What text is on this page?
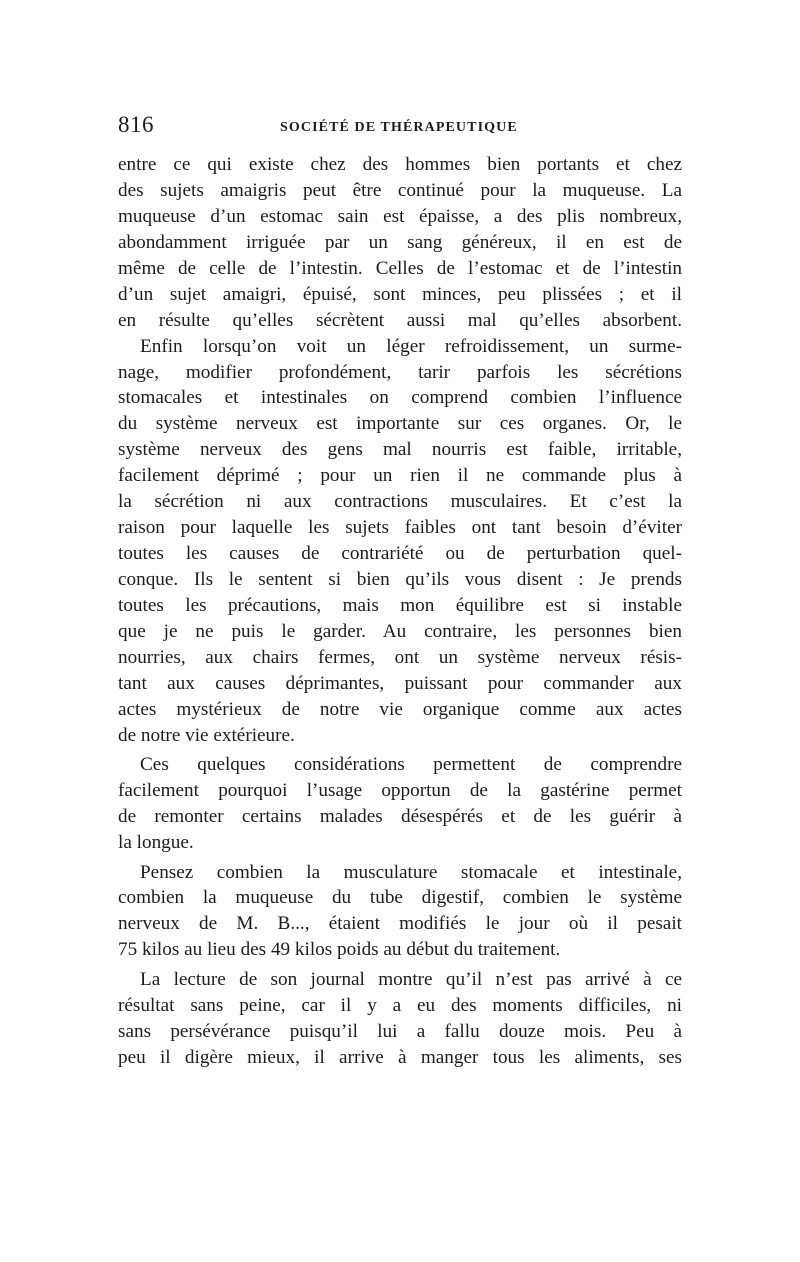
816	SOCIÉTÉ DE THÉRAPEUTIQUE
entre ce qui existe chez des hommes bien portants et chez
des sujets amaigris peut être continué pour la muqueuse. La
muqueuse d’un estomac sain est épaisse, a des plis nombreux,
abondamment irriguée par un sang généreux, il en est de
même de celle de l’intestin. Celles de l’estomac et de l’intestin
d’un sujet amaigri, épuisé, sont minces, peu plissées ; et il
en résulte qu’elles sécrètent aussi mal qu’elles absorbent.
Enfin lorsqu’on voit un léger refroidissement, un surme-
nage, modifier profondément, tarir parfois les sécrétions
stomacales et intestinales on comprend combien l’influence
du système nerveux est importante sur ces organes. Or, le
système nerveux des gens mal nourris est faible, irritable,
facilement déprimé ; pour un rien il ne commande plus à
la sécrétion ni aux contractions musculaires. Et c’est la
raison pour laquelle les sujets faibles ont tant besoin d’éviter
toutes les causes de contrariété ou de perturbation quel-
conque. Ils le sentent si bien qu’ils vous disent : Je prends
toutes les précautions, mais mon équilibre est si instable
que je ne puis le garder. Au contraire, les personnes bien
nourries, aux chairs fermes, ont un système nerveux résis-
tant aux causes déprimantes, puissant pour commander aux
actes mystérieux de notre vie organique comme aux actes
de notre vie extérieure.
Ces quelques considérations permettent de comprendre
facilement pourquoi l’usage opportun de la gastérine permet
de remonter certains malades désespérés et de les guérir à
la longue.
Pensez combien la musculature stomacale et intestinale,
combien la muqueuse du tube digestif, combien le système
nerveux de M. B..., étaient modifiés le jour où il pesait
75 kilos au lieu des 49 kilos poids au début du traitement.
La lecture de son journal montre qu’il n’est pas arrivé à ce
résultat sans peine, car il y a eu des moments difficiles, ni
sans persévérance puisqu’il lui a fallu douze mois. Peu à
peu il digère mieux, il arrive à manger tous les aliments, ses
